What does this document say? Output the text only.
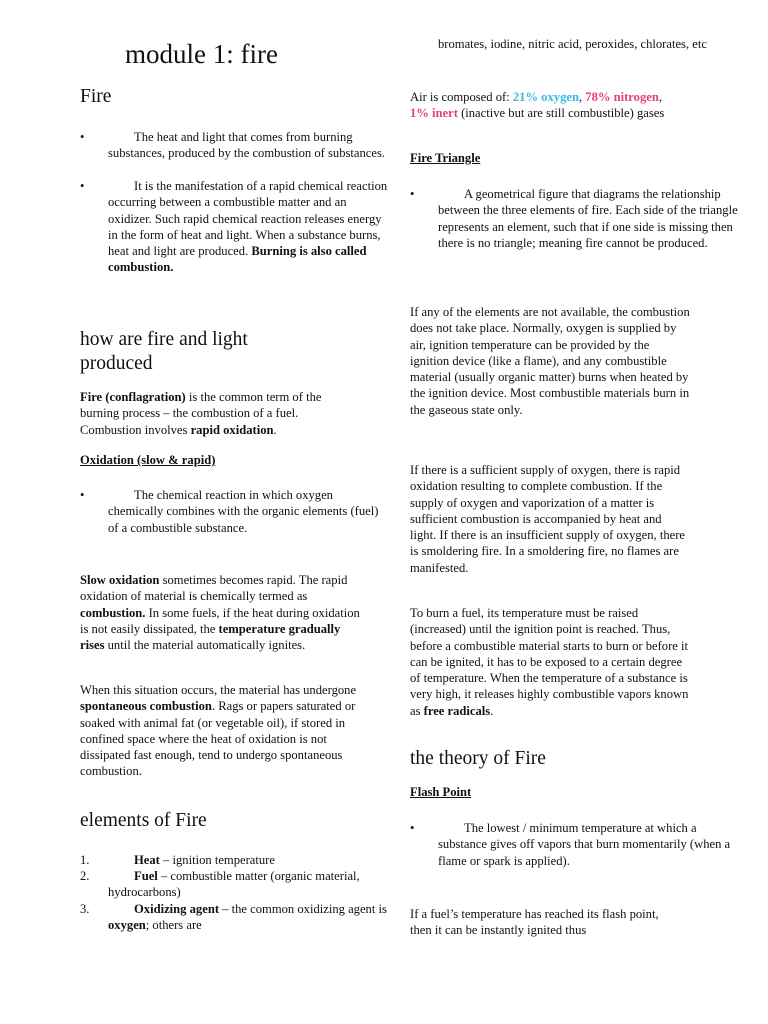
module 1: fire
Fire
•	The heat and light that comes from burning substances, produced by the combustion of substances.

•	It is the manifestation of a rapid chemical reaction occurring between a combustible matter and an oxidizer. Such rapid chemical reaction releases energy in the form of heat and light. When a substance burns, heat and light are produced. Burning is also called combustion.

how are fire and light produced

Fire (conflagration) is the common term of the burning process – the combustion of a fuel. Combustion involves rapid oxidation.

Oxidation (slow & rapid)

•	The chemical reaction in which oxygen chemically combines with the organic elements (fuel) of a combustible substance.

Slow oxidation sometimes becomes rapid. The rapid oxidation of material is chemically termed as combustion. In some fuels, if the heat during oxidation is not easily dissipated, the temperature gradually rises until the material automatically ignites.

When this situation occurs, the material has undergone spontaneous combustion. Rags or papers saturated or soaked with animal fat (or vegetable oil), if stored in confined space where the heat of oxidation is not dissipated fast enough, tend to undergo spontaneous combustion.

elements of Fire
1.	Heat – ignition temperature

2.	Fuel – combustible matter (organic material, hydrocarbons)

3.	Oxidizing agent – the common oxidizing agent is oxygen; others are

bromates, iodine, nitric acid, peroxides, chlorates, etc

Air is composed of: 21% oxygen, 78% nitrogen, 1% inert (inactive but are still combustible) gases

Fire Triangle

•	A geometrical figure that diagrams the relationship between the three elements of fire. Each side of the triangle represents an element, such that if one side is missing then there is no triangle; meaning fire cannot be produced.

If any of the elements are not available, the combustion does not take place. Normally, oxygen is supplied by air, ignition temperature can be provided by the ignition device (like a flame), and any combustible material (usually organic matter) burns when heated by the ignition device. Most combustible materials burn in the gaseous state only.

If there is a sufficient supply of oxygen, there is rapid oxidation resulting to complete combustion. If the supply of oxygen and vaporization of a matter is sufficient combustion is accompanied by heat and light. If there is an insufficient supply of oxygen, there is smoldering fire. In a smoldering fire, no flames are manifested.

To burn a fuel, its temperature must be raised (increased) until the ignition point is reached. Thus, before a combustible material starts to burn or before it can be ignited, it has to be exposed to a certain degree of temperature. When the temperature of a substance is very high, it releases highly combustible vapors known as free radicals.

the theory of Fire

Flash Point

•	The lowest / minimum temperature at which a substance gives off vapors that burn momentarily (when a flame or spark is applied).

If a fuel’s temperature has reached its flash point, then it can be instantly ignited thus
